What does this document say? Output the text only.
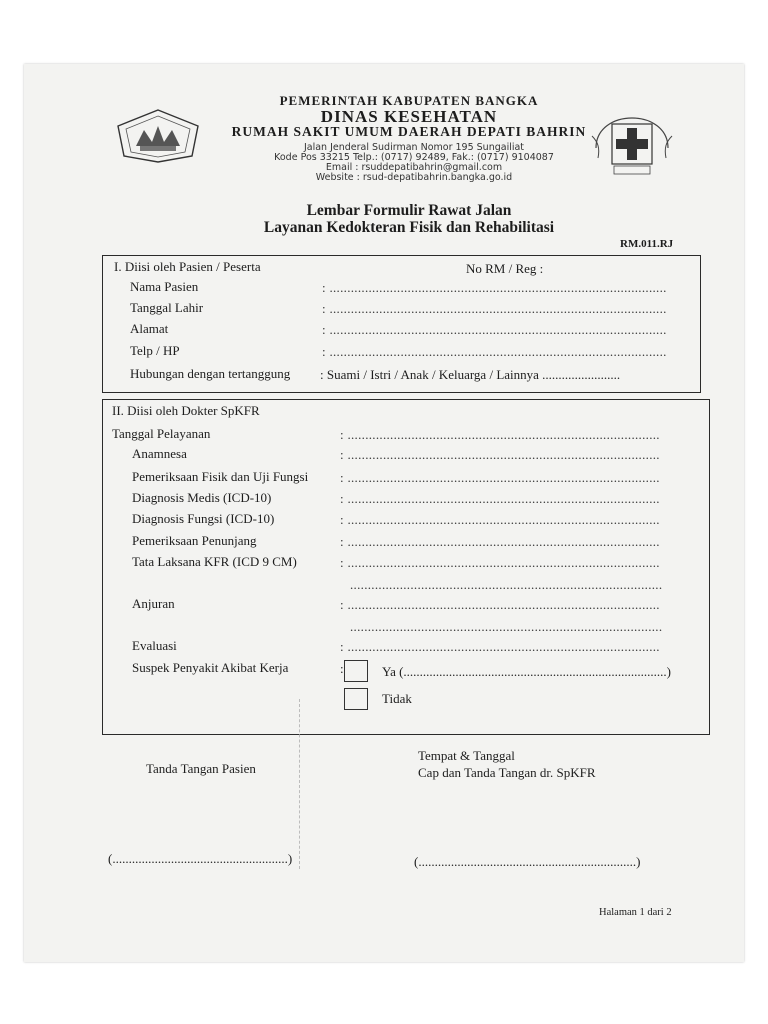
PEMERINTAH KABUPATEN BANGKA
DINAS KESEHATAN
RUMAH SAKIT UMUM DAERAH DEPATI BAHRIN
Jalan Jenderal Sudirman Nomor 195 Sungailiat
Kode Pos 33215 Telp.: (0717) 92489, Fak.: (0717) 9104087
Email : rsuddepatibahrin@gmail.com
Website : rsud-depatibahrin.bangka.go.id
Lembar Formulir Rawat Jalan
Layanan Kedokteran Fisik dan Rehabilitasi
RM.011.RJ
I. Diisi oleh Pasien / Peserta	No RM / Reg :
Nama Pasien	: ...............................................................................................
Tanggal Lahir	: ...............................................................................................
Alamat	: ...............................................................................................
Telp / HP	: ...............................................................................................
Hubungan dengan tertanggung : Suami / Istri / Anak / Keluarga / Lainnya ........................
II. Diisi oleh Dokter SpKFR
Tanggal Pelayanan	: ........................................................................................
Anamnesa	: ........................................................................................
Pemeriksaan Fisik dan Uji Fungsi : ........................................................................................
Diagnosis Medis (ICD-10)	: ........................................................................................
Diagnosis Fungsi (ICD-10)	: ........................................................................................
Pemeriksaan Penunjang	: ........................................................................................
Tata Laksana KFR (ICD 9 CM)	: ........................................................................................
........................................................................................
Anjuran	: ........................................................................................
........................................................................................
Evaluasi	: ........................................................................................
Suspek Penyakit Akibat Kerja	:	Ya (.................................................................................)
Tidak
Tempat & Tanggal
Cap dan Tanda Tangan dr. SpKFR
Tanda Tangan Pasien
(......................................................)	(...................................................................)
Halaman 1 dari 2
